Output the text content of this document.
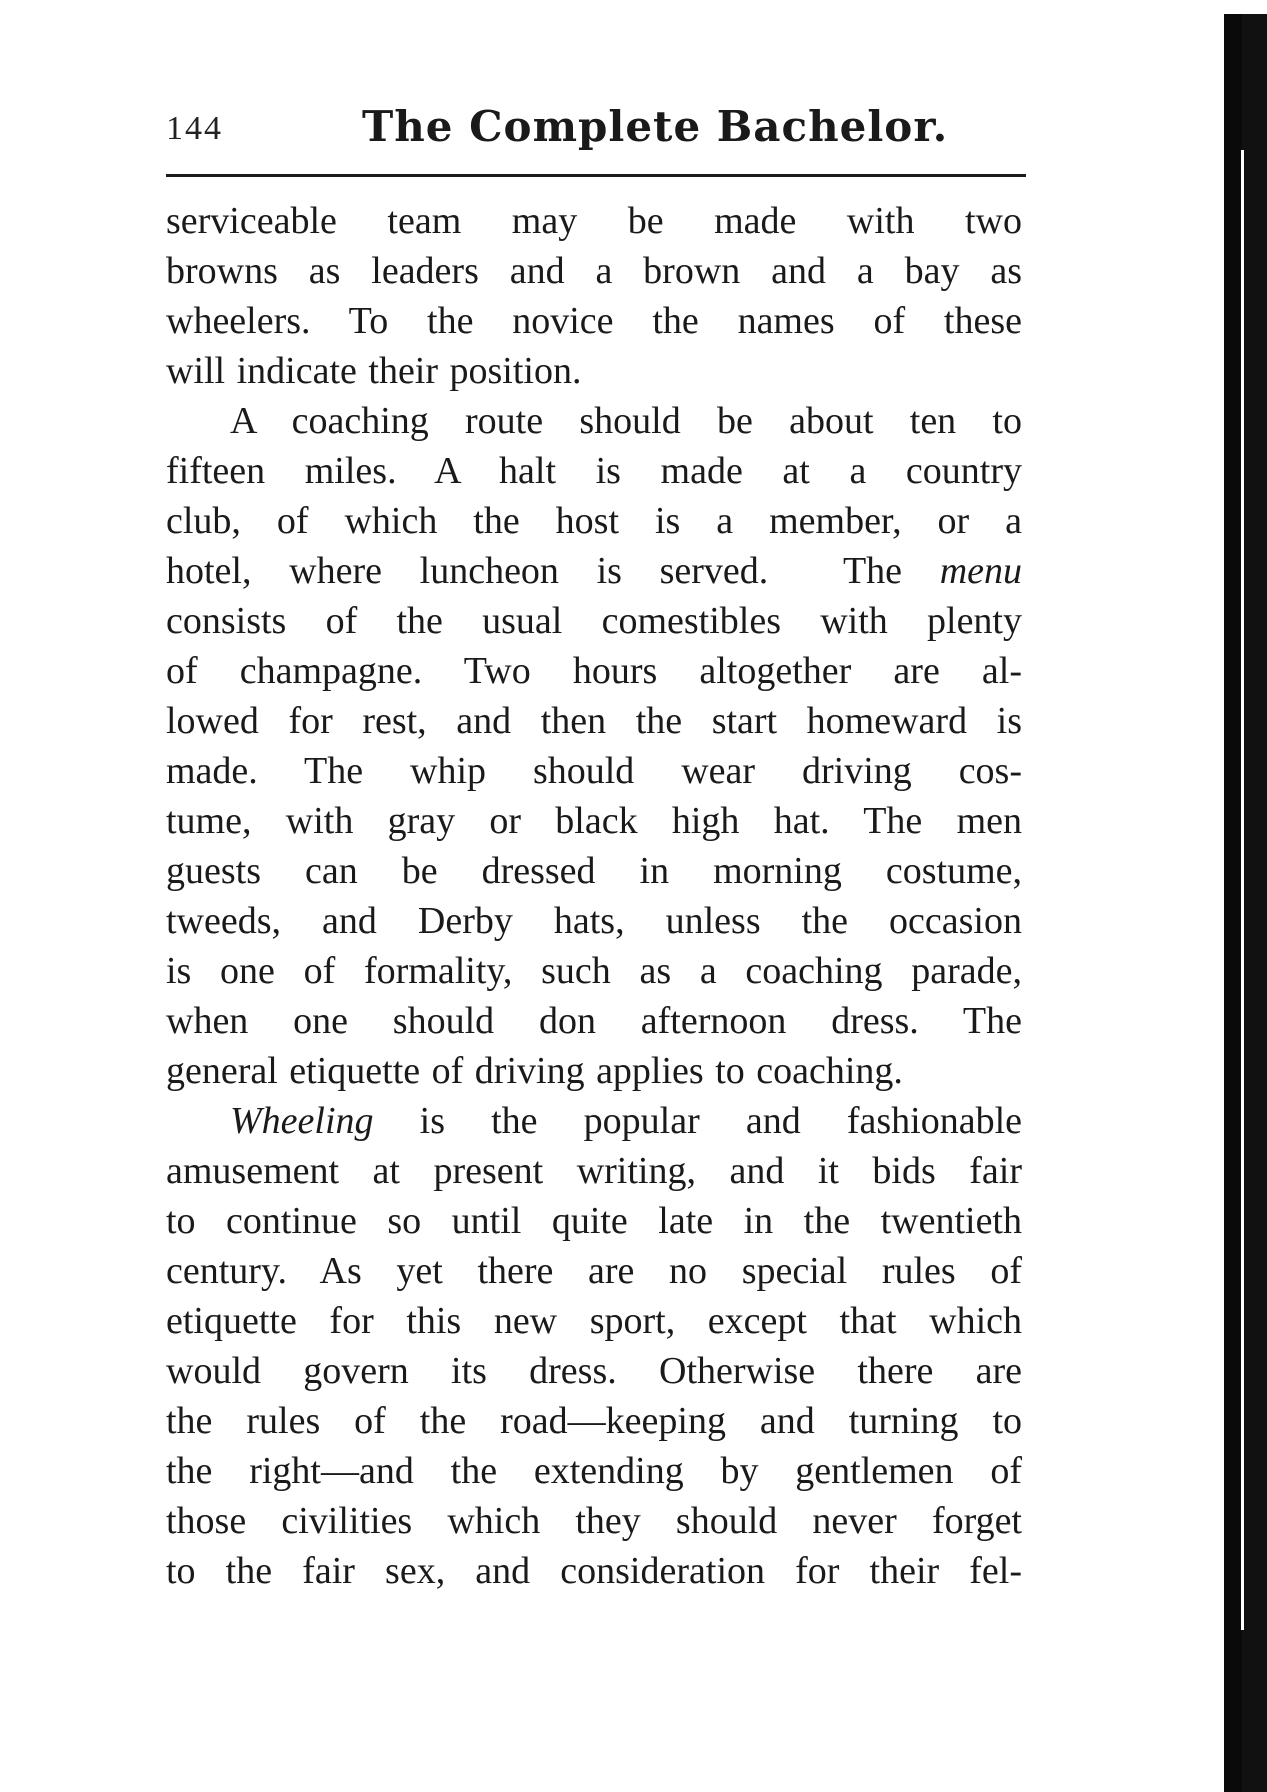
144	The Complete Bachelor.
serviceable team may be made with two
browns as leaders and a brown and a bay as
wheelers. To the novice the names of these
will indicate their position.
A coaching route should be about ten to
fifteen miles. A halt is made at a country
club, of which the host is a member, or a
hotel, where luncheon is served.  The menu
consists of the usual comestibles with plenty
of champagne. Two hours altogether are al-
lowed for rest, and then the start homeward is
made. The whip should wear driving cos-
tume, with gray or black high hat. The men
guests can be dressed in morning costume,
tweeds, and Derby hats, unless the occasion
is one of formality, such as a coaching parade,
when one should don afternoon dress. The
general etiquette of driving applies to coaching.
Wheeling is the popular and fashionable
amusement at present writing, and it bids fair
to continue so until quite late in the twentieth
century. As yet there are no special rules of
etiquette for this new sport, except that which
would govern its dress. Otherwise there are
the rules of the road—keeping and turning to
the right—and the extending by gentlemen of
those civilities which they should never forget
to the fair sex, and consideration for their fel-
